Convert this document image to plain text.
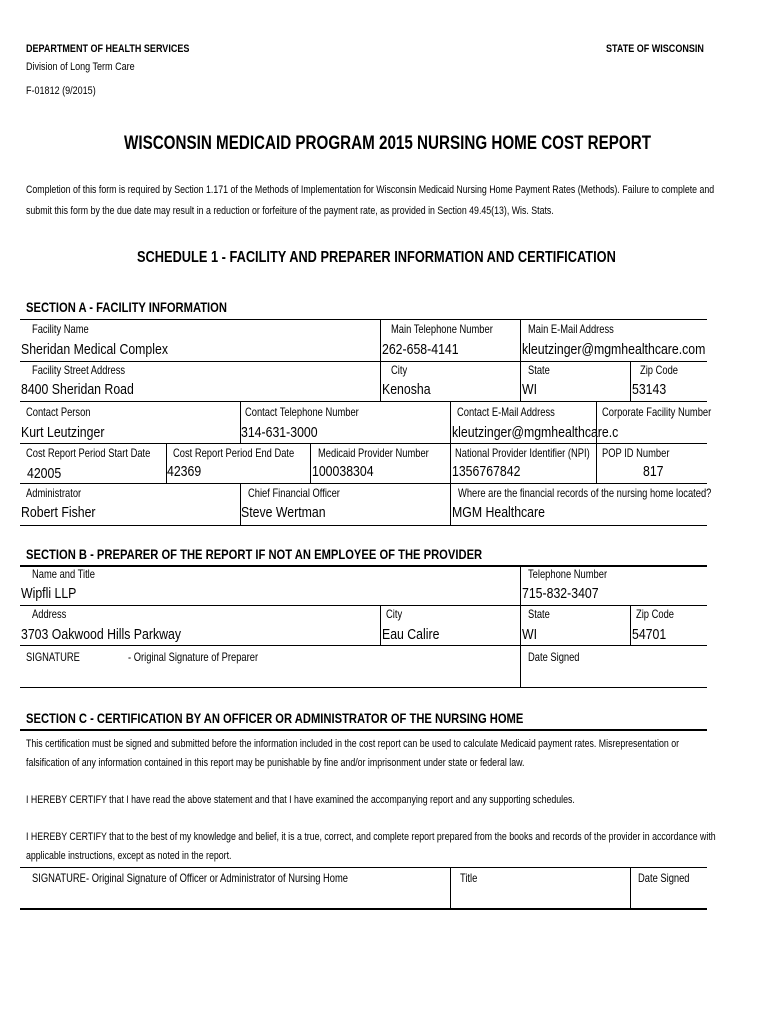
DEPARTMENT OF HEALTH SERVICES
Division of Long Term Care
F-01812 (9/2015)
STATE OF WISCONSIN
WISCONSIN MEDICAID PROGRAM 2015 NURSING HOME COST REPORT
Completion of this form is required by Section 1.171 of the Methods of Implementation for Wisconsin Medicaid Nursing Home Payment Rates (Methods). Failure to complete and
submit this form by the due date may result in a reduction or forfeiture of the payment rate, as provided in Section 49.45(13), Wis. Stats.
SCHEDULE 1 - FACILITY AND PREPARER INFORMATION AND CERTIFICATION
SECTION A - FACILITY INFORMATION
Facility Name
Sheridan Medical Complex
Main Telephone Number
262-658-4141
Main E-Mail Address
kleutzinger@mgmhealthcare.com
Facility Street Address
8400 Sheridan Road
City
Kenosha
State
WI
Zip Code
53143
Contact Person
Kurt Leutzinger
Contact Telephone Number
314-631-3000
Contact E-Mail Address
kleutzinger@mgmhealthcare.c
Corporate Facility Number
Cost Report Period Start Date
42005
Cost Report Period End Date
42369
Medicaid Provider Number
100038304
National Provider Identifier (NPI)
1356767842
POP ID Number
817
Administrator
Robert Fisher
Chief Financial Officer
Steve Wertman
Where are the financial records of the nursing home located?
MGM Healthcare
SECTION B - PREPARER OF THE REPORT IF NOT AN EMPLOYEE OF THE PROVIDER
Name and Title
Wipfli LLP
Telephone Number
715-832-3407
Address
3703 Oakwood Hills Parkway
City
Eau Calire
State
WI
Zip Code
54701
SIGNATURE	- Original Signature of Preparer	Date Signed
SECTION C - CERTIFICATION BY AN OFFICER OR ADMINISTRATOR OF THE NURSING HOME
This certification must be signed and submitted before the information included in the cost report can be used to calculate Medicaid payment rates. Misrepresentation or
falsification of any information contained in this report may be punishable by fine and/or imprisonment under state or federal law.
I HEREBY CERTIFY that I have read the above statement and that I have examined the accompanying report and any supporting schedules.
I HEREBY CERTIFY that to the best of my knowledge and belief, it is a true, correct, and complete report prepared from the books and records of the provider in accordance with
applicable instructions, except as noted in the report.
SIGNATURE - Original Signature of Officer or Administrator of Nursing Home	Title	Date Signed
